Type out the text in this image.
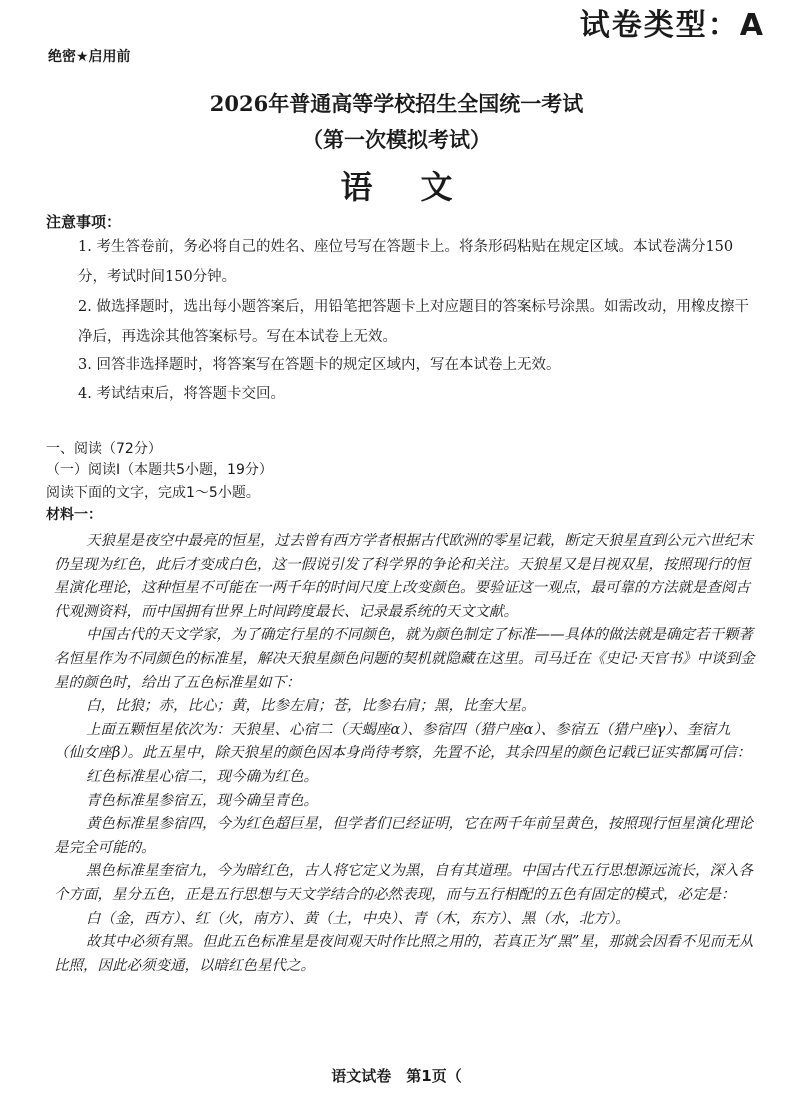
试卷类型：A
绝密★启用前
2026年普通高等学校招生全国统一考试
（第一次模拟考试）
语文
注意事项：
1. 考生答卷前，务必将自己的姓名、座位号写在答题卡上。将条形码粘贴在规定区域。本试卷满分150分，考试时间150分钟。
2. 做选择题时，选出每小题答案后，用铅笔把答题卡上对应题目的答案标号涂黑。如需改动，用橡皮擦干净后，再选涂其他答案标号。写在本试卷上无效。
3. 回答非选择题时，将答案写在答题卡的规定区域内，写在本试卷上无效。
4. 考试结束后，将答题卡交回。
一、阅读（72分）
（一）阅读Ⅰ（本题共5小题，19分）
阅读下面的文字，完成1～5小题。
材料一：

天狼星是夜空中最亮的恒星，过去曾有西方学者根据古代欧洲的零星记载，断定天狼星直到公元六世纪末仍呈现为红色，此后才变成白色，这一假说引发了科学界的争论和关注。天狼星又是目视双星，按照现行的恒星演化理论，这种恒星不可能在一两千年的时间尺度上改变颜色。要验证这一观点，最可靠的方法就是查阅古代观测资料，而中国拥有世界上时间跨度最长、记录最系统的天文文献。

中国古代的天文学家，为了确定行星的不同颜色，就为颜色制定了标准——具体的做法就是确定若干颗著名恒星作为不同颜色的标准星，解决天狼星颜色问题的契机就隐藏在这里。司马迁在《史记·天官书》中谈到金星的颜色时，给出了五色标准星如下：

白，比狼；赤，比心；黄，比参左肩；苍，比参右肩；黑，比奎大星。

上面五颗恒星依次为：天狼星、心宿二（天蝎座α）、参宿四（猎户座α）、参宿五（猎户座γ）、奎宿九（仙女座β）。此五星中，除天狼星的颜色因本身尚待考察，先置不论，其余四星的颜色记载已证实都属可信：

红色标准星心宿二，现今确为红色。

青色标准星参宿五，现今确呈青色。

黄色标准星参宿四，今为红色超巨星，但学者们已经证明，它在两千年前呈黄色，按照现行恒星演化理论是完全可能的。

黑色标准星奎宿九，今为暗红色，古人将它定义为黑，自有其道理。中国古代五行思想源远流长，深入各个方面，星分五色，正是五行思想与天文学结合的必然表现，而与五行相配的五色有固定的模式，必定是：

白（金，西方）、红（火，南方）、黄（土，中央）、青（木，东方）、黑（水，北方）。

故其中必须有黑。但此五色标准星是夜间观天时作比照之用的，若真正为“黑”星，那就会因看不见而无从比照，因此必须变通，以暗红色星代之。

语文试卷　第1页（
